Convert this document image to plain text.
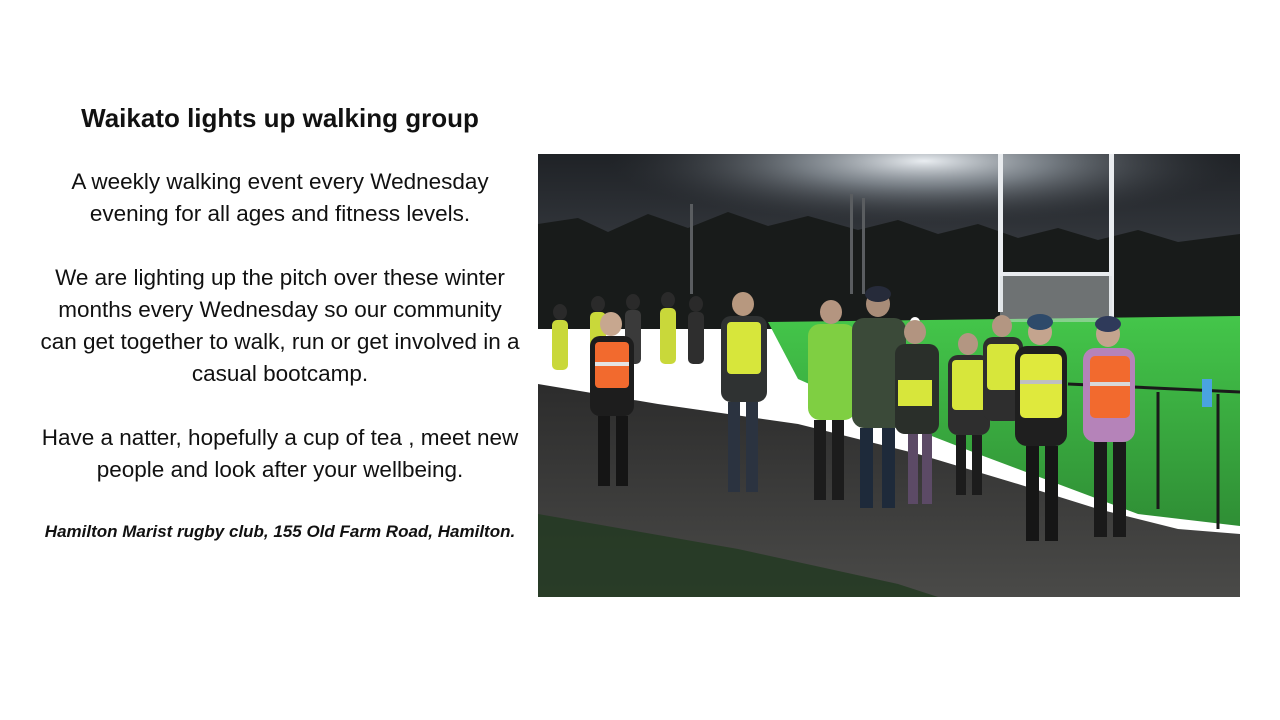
Waikato lights up walking group

A weekly walking event every Wednesday evening for all ages and fitness levels.

We are lighting up the pitch over these winter months every Wednesday so our community can get together to walk, run or get involved in a casual bootcamp.

Have a natter, hopefully a cup of tea , meet new people and look after your wellbeing.

Hamilton Marist rugby club, 155 Old Farm Road, Hamilton.
